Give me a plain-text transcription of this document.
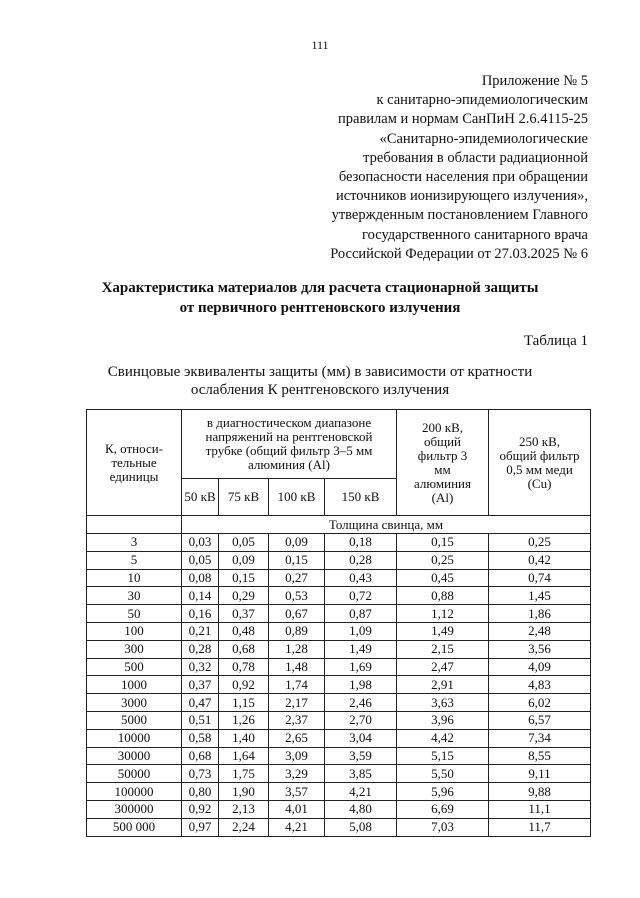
111
Приложение № 5
к санитарно-эпидемиологическим
правилам и нормам СанПиН 2.6.4115-25
«Санитарно-эпидемиологические
требования в области радиационной
безопасности населения при обращении
источников ионизирующего излучения»,
утвержденным постановлением Главного
государственного санитарного врача
Российской Федерации от 27.03.2025 № 6
Характеристика материалов для расчета стационарной защиты
от первичного рентгеновского излучения
Таблица 1
Свинцовые эквиваленты защиты (мм) в зависимости от кратности
ослабления К рентгеновского излучения
К, относи- тельные единицы	в диагностическом диапазоне напряжений на рентгеновской трубке (общий фильтр 3–5 мм алюминия (Al)				200 кВ, общий фильтр 3 мм алюминия (Al)	250 кВ, общий фильтр 0,5 мм меди (Cu)
	50 кВ	75 кВ	100 кВ	150 кВ		
	Толщина свинца, мм					
3	0,03	0,05	0,09	0,18	0,15	0,25
5	0,05	0,09	0,15	0,28	0,25	0,42
10	0,08	0,15	0,27	0,43	0,45	0,74
30	0,14	0,29	0,53	0,72	0,88	1,45
50	0,16	0,37	0,67	0,87	1,12	1,86
100	0,21	0,48	0,89	1,09	1,49	2,48
300	0,28	0,68	1,28	1,49	2,15	3,56
500	0,32	0,78	1,48	1,69	2,47	4,09
1000	0,37	0,92	1,74	1,98	2,91	4,83
3000	0,47	1,15	2,17	2,46	3,63	6,02
5000	0,51	1,26	2,37	2,70	3,96	6,57
10000	0,58	1,40	2,65	3,04	4,42	7,34
30000	0,68	1,64	3,09	3,59	5,15	8,55
50000	0,73	1,75	3,29	3,85	5,50	9,11
100000	0,80	1,90	3,57	4,21	5,96	9,88
300000	0,92	2,13	4,01	4,80	6,69	11,1
500 000	0,97	2,24	4,21	5,08	7,03	11,7
